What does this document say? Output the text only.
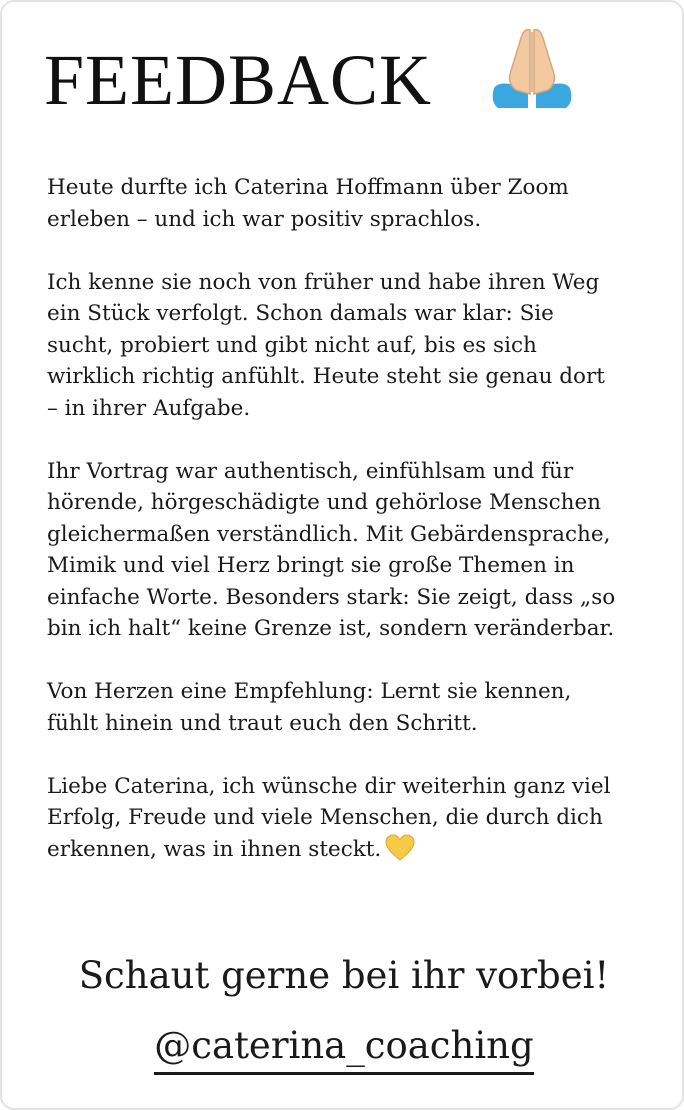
FEEDBACK

Heute durfte ich Caterina Hoffmann über Zoom
erleben – und ich war positiv sprachlos.

Ich kenne sie noch von früher und habe ihren Weg
ein Stück verfolgt. Schon damals war klar: Sie
sucht, probiert und gibt nicht auf, bis es sich
wirklich richtig anfühlt. Heute steht sie genau dort
– in ihrer Aufgabe.

Ihr Vortrag war authentisch, einfühlsam und für
hörende, hörgeschädigte und gehörlose Menschen
gleichermaßen verständlich. Mit Gebärdensprache,
Mimik und viel Herz bringt sie große Themen in
einfache Worte. Besonders stark: Sie zeigt, dass „so
bin ich halt“ keine Grenze ist, sondern veränderbar.

Von Herzen eine Empfehlung: Lernt sie kennen,
fühlt hinein und traut euch den Schritt.

Liebe Caterina, ich wünsche dir weiterhin ganz viel
Erfolg, Freude und viele Menschen, die durch dich
erkennen, was in ihnen steckt.

Schaut gerne bei ihr vorbei!

@caterina_coaching
